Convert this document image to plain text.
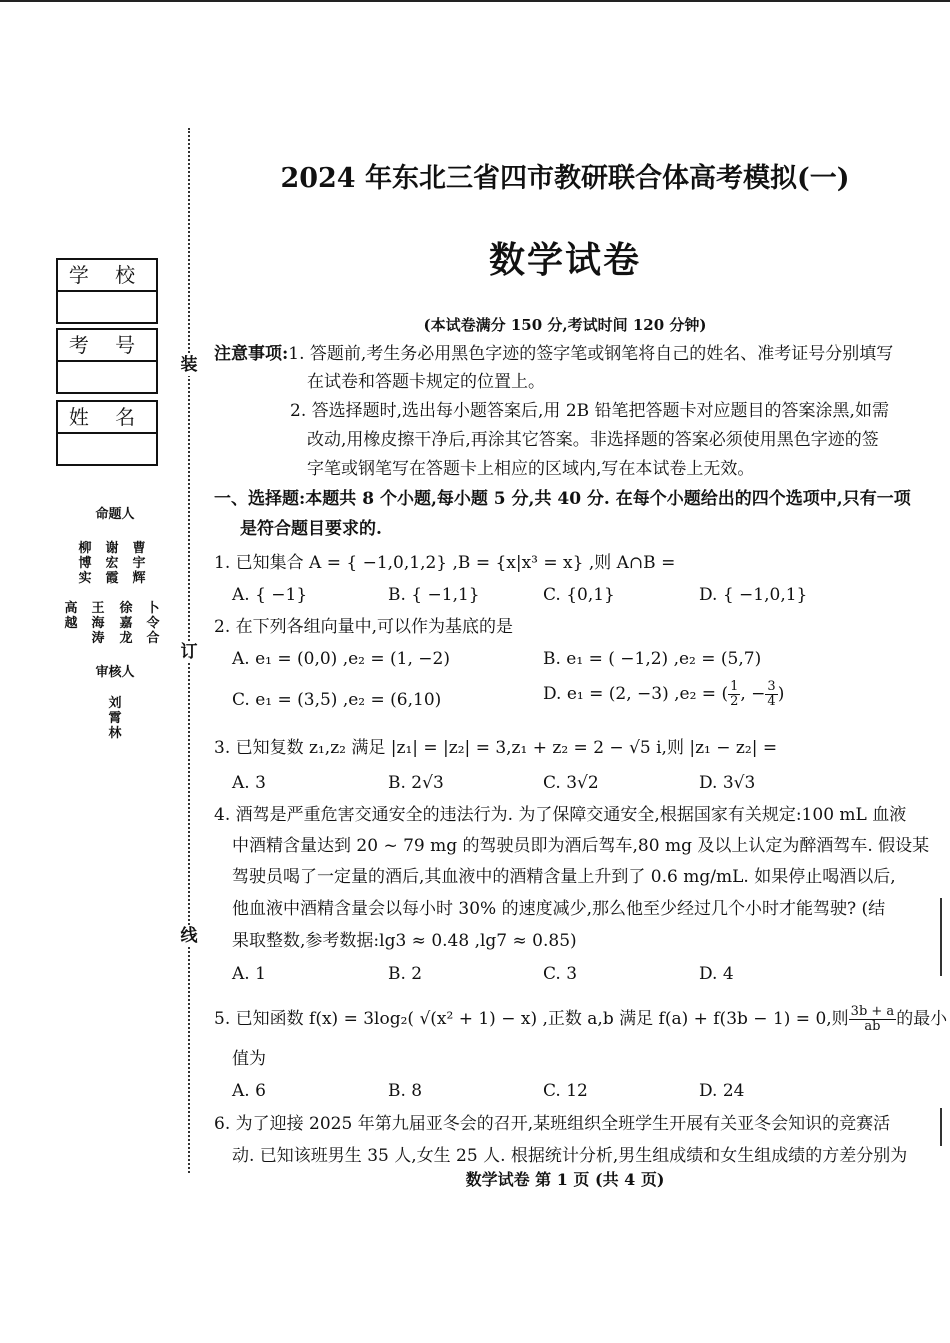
装
订
线
学 校
考 号
姓 名
命题人
柳博实
谢宏霞
曹宇辉
高越
王海涛
徐嘉龙
卜令合
审核人
刘霄林
2024 年东北三省四市教研联合体高考模拟(一)
数学试卷
(本试卷满分 150 分,考试时间 120 分钟)
注意事项:1. 答题前,考生务必用黑色字迹的签字笔或钢笔将自己的姓名、准考证号分别填写
在试卷和答题卡规定的位置上。
2. 答选择题时,选出每小题答案后,用 2B 铅笔把答题卡对应题目的答案涂黑,如需
改动,用橡皮擦干净后,再涂其它答案。非选择题的答案必须使用黑色字迹的签
字笔或钢笔写在答题卡上相应的区域内,写在本试卷上无效。
一、选择题:本题共 8 个小题,每小题 5 分,共 40 分. 在每个小题给出的四个选项中,只有一项
是符合题目要求的.
1. 已知集合 A = { −1,0,1,2} ,B = {x|x³ = x} ,则 A∩B =
A. { −1}	B. { −1,1}	C. {0,1}	D. { −1,0,1}
2. 在下列各组向量中,可以作为基底的是
A. e₁ = (0,0) ,e₂ = (1, −2)	B. e₁ = ( −1,2) ,e₂ = (5,7)
C. e₁ = (3,5) ,e₂ = (6,10)	D. e₁ = (2, −3) ,e₂ = ( $\frac{1}{2}$ , − $\frac{3}{4}$ )
3. 已知复数 z₁,z₂ 满足 |z₁| = |z₂| = 3,z₁ + z₂ = 2 − √5 i,则 |z₁ − z₂| =
A. 3	B. 2√3	C. 3√2	D. 3√3
4. 酒驾是严重危害交通安全的违法行为. 为了保障交通安全,根据国家有关规定:100 mL 血液
中酒精含量达到 20 ~ 79 mg 的驾驶员即为酒后驾车,80 mg 及以上认定为醉酒驾车. 假设某
驾驶员喝了一定量的酒后,其血液中的酒精含量上升到了 0.6 mg/mL. 如果停止喝酒以后,
他血液中酒精含量会以每小时 30% 的速度减少,那么他至少经过几个小时才能驾驶? (结
果取整数,参考数据:lg3 ≈ 0.48 ,lg7 ≈ 0.85)
A. 1	B. 2	C. 3	D. 4
5. 已知函数 f(x) = 3log₂( √(x² + 1) − x) ,正数 a,b 满足 f(a) + f(3b − 1) = 0,则 $\frac{3b + a}{ab}$ 的最小
值为
A. 6	B. 8	C. 12	D. 24
6. 为了迎接 2025 年第九届亚冬会的召开,某班组织全班学生开展有关亚冬会知识的竞赛活
动. 已知该班男生 35 人,女生 25 人. 根据统计分析,男生组成绩和女生组成绩的方差分别为
数学试卷 第 1 页 (共 4 页)
